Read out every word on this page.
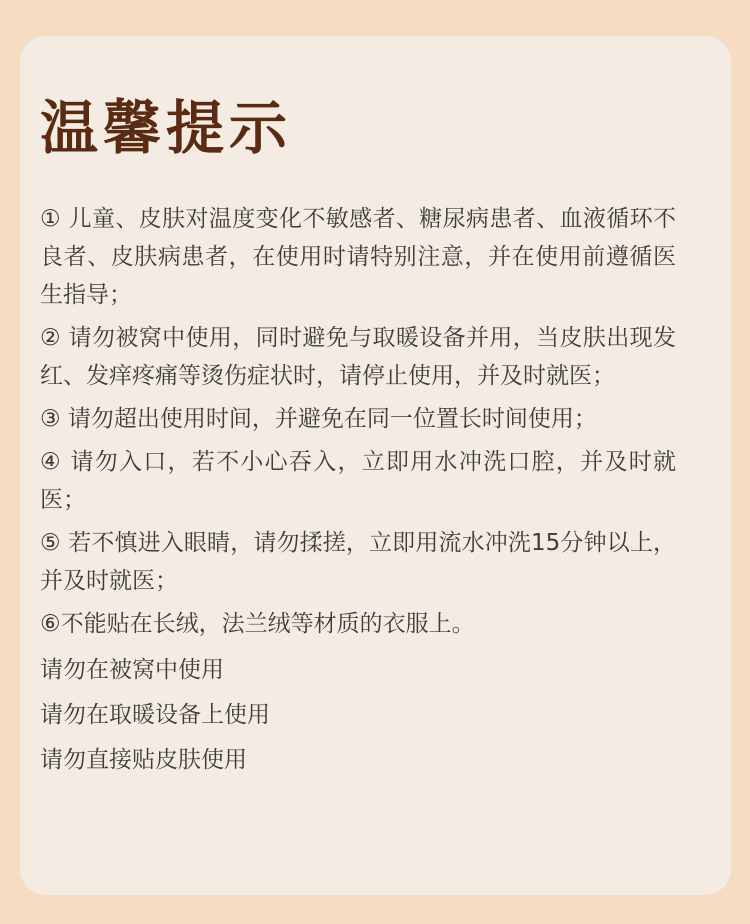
温馨提示

① 儿童、皮肤对温度变化不敏感者、糖尿病患者、血液循环不良者、皮肤病患者，在使用时请特别注意，并在使用前遵循医生指导；

② 请勿被窝中使用，同时避免与取暖设备并用，当皮肤出现发红、发痒疼痛等烫伤症状时，请停止使用，并及时就医；

③ 请勿超出使用时间，并避免在同一位置长时间使用；

④ 请勿入口，若不小心吞入，立即用水冲洗口腔，并及时就医；

⑤ 若不慎进入眼睛，请勿揉搓，立即用流水冲洗15分钟以上，并及时就医；

⑥不能贴在长绒，法兰绒等材质的衣服上。

请勿在被窝中使用

请勿在取暖设备上使用

请勿直接贴皮肤使用
